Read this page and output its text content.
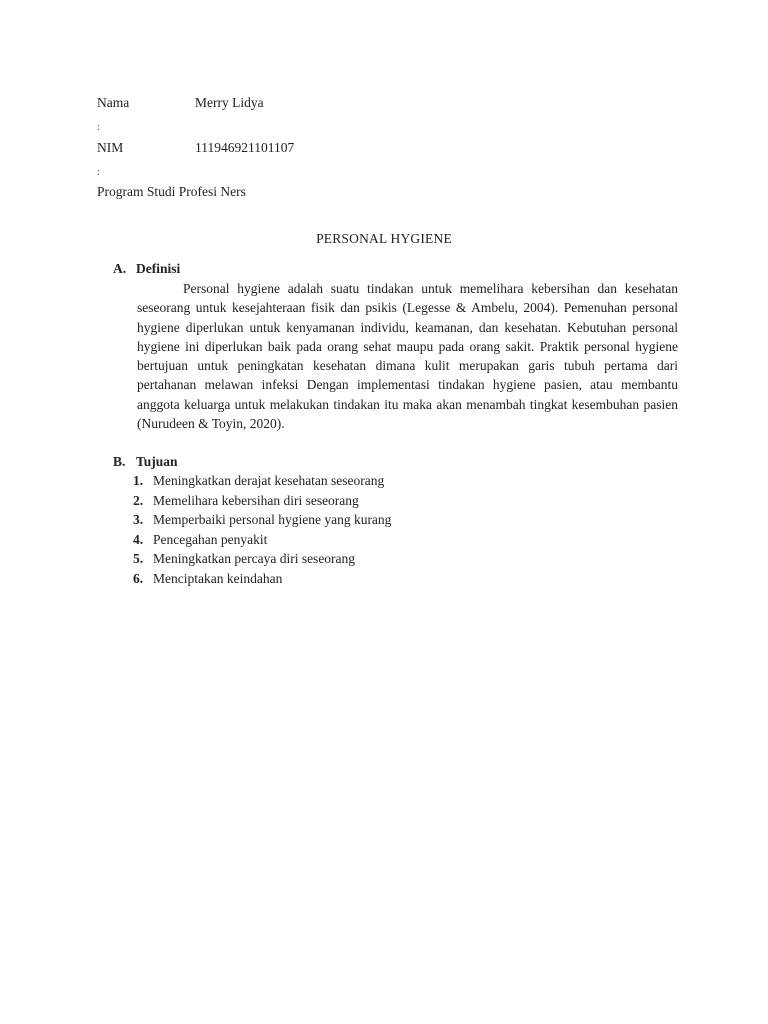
Nama	Merry Lidya
:
NIM	111946921101107
:
Program Studi Profesi Ners
PERSONAL HYGIENE
A. Definisi

Personal hygiene adalah suatu tindakan untuk memelihara kebersihan dan kesehatan seseorang untuk kesejahteraan fisik dan psikis (Legesse & Ambelu, 2004). Pemenuhan personal hygiene diperlukan untuk kenyamanan individu, keamanan, dan kesehatan. Kebutuhan personal hygiene ini diperlukan baik pada orang sehat maupu pada orang sakit. Praktik personal hygiene bertujuan untuk peningkatan kesehatan dimana kulit merupakan garis tubuh pertama dari pertahanan melawan infeksi Dengan implementasi tindakan hygiene pasien, atau membantu anggota keluarga untuk melakukan tindakan itu maka akan menambah tingkat kesembuhan pasien (Nurudeen & Toyin, 2020).

B. Tujuan
1. Meningkatkan derajat kesehatan seseorang
2. Memelihara kebersihan diri seseorang
3. Memperbaiki personal hygiene yang kurang
4. Pencegahan penyakit
5. Meningkatkan percaya diri seseorang
6. Menciptakan keindahan
